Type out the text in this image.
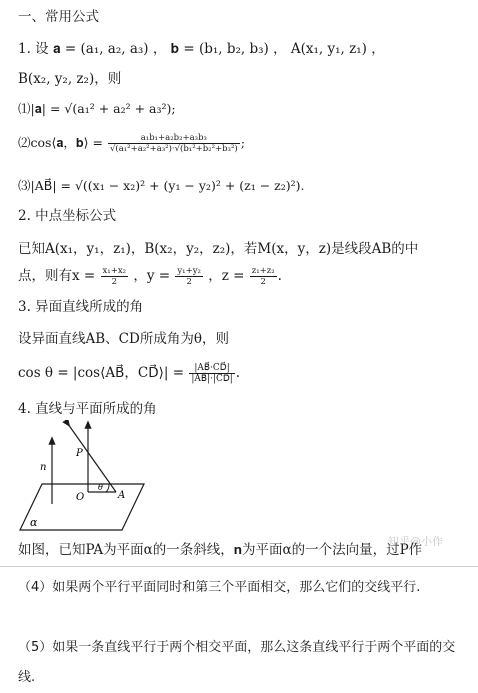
一、常用公式
1. 设 𝐚 = (a₁, a₂, a₃) ， 𝐛 = (b₁, b₂, b₃) ， A(x₁, y₁, z₁) ，
B(x₂, y₂, z₂)，则
⑴|𝐚| = √(a₁² + a₂² + a₃²);
⑵cos⟨𝐚，𝐛⟩ = $\frac{\text{a₁b₁+a₂b₂+a₃b₃}}{\text{√(a₁²+a₂²+a₃²)·√(b₁²+b₂²+b₃²)}}$ ;
⑶|AB⃗| = √((x₁ − x₂)² + (y₁ − y₂)² + (z₁ − z₂)²).
2. 中点坐标公式
已知A(x₁，y₁，z₁)，B(x₂，y₂，z₂)，若M(x，y，z)是线段AB的中
点，则有$x = \frac{\text{x₁+x₂}}{2}$ ，$y = \frac{\text{y₁+y₂}}{2}$ ，$z = \frac{\text{z₁+z₂}}{2}$ .
3. 异面直线所成的角
设异面直线AB、CD所成角为θ，则
cos θ = |cos⟨AB⃗，CD⃗⟩| = $\frac{|AB⃗\cdot CD⃗|}{|AB⃗|\cdot|CD⃗|}$ .
4. 直线与平面所成的角
n
P
O
θ
A
α
知乎@小作
如图，已知PA为平面α的一条斜线，𝐧为平面α的一个法向量，过P作
（4）如果两个平行平面同时和第三个平面相交，那么它们的交线平行.
（5）如果一条直线平行于两个相交平面，那么这条直线平行于两个平面的交线.
